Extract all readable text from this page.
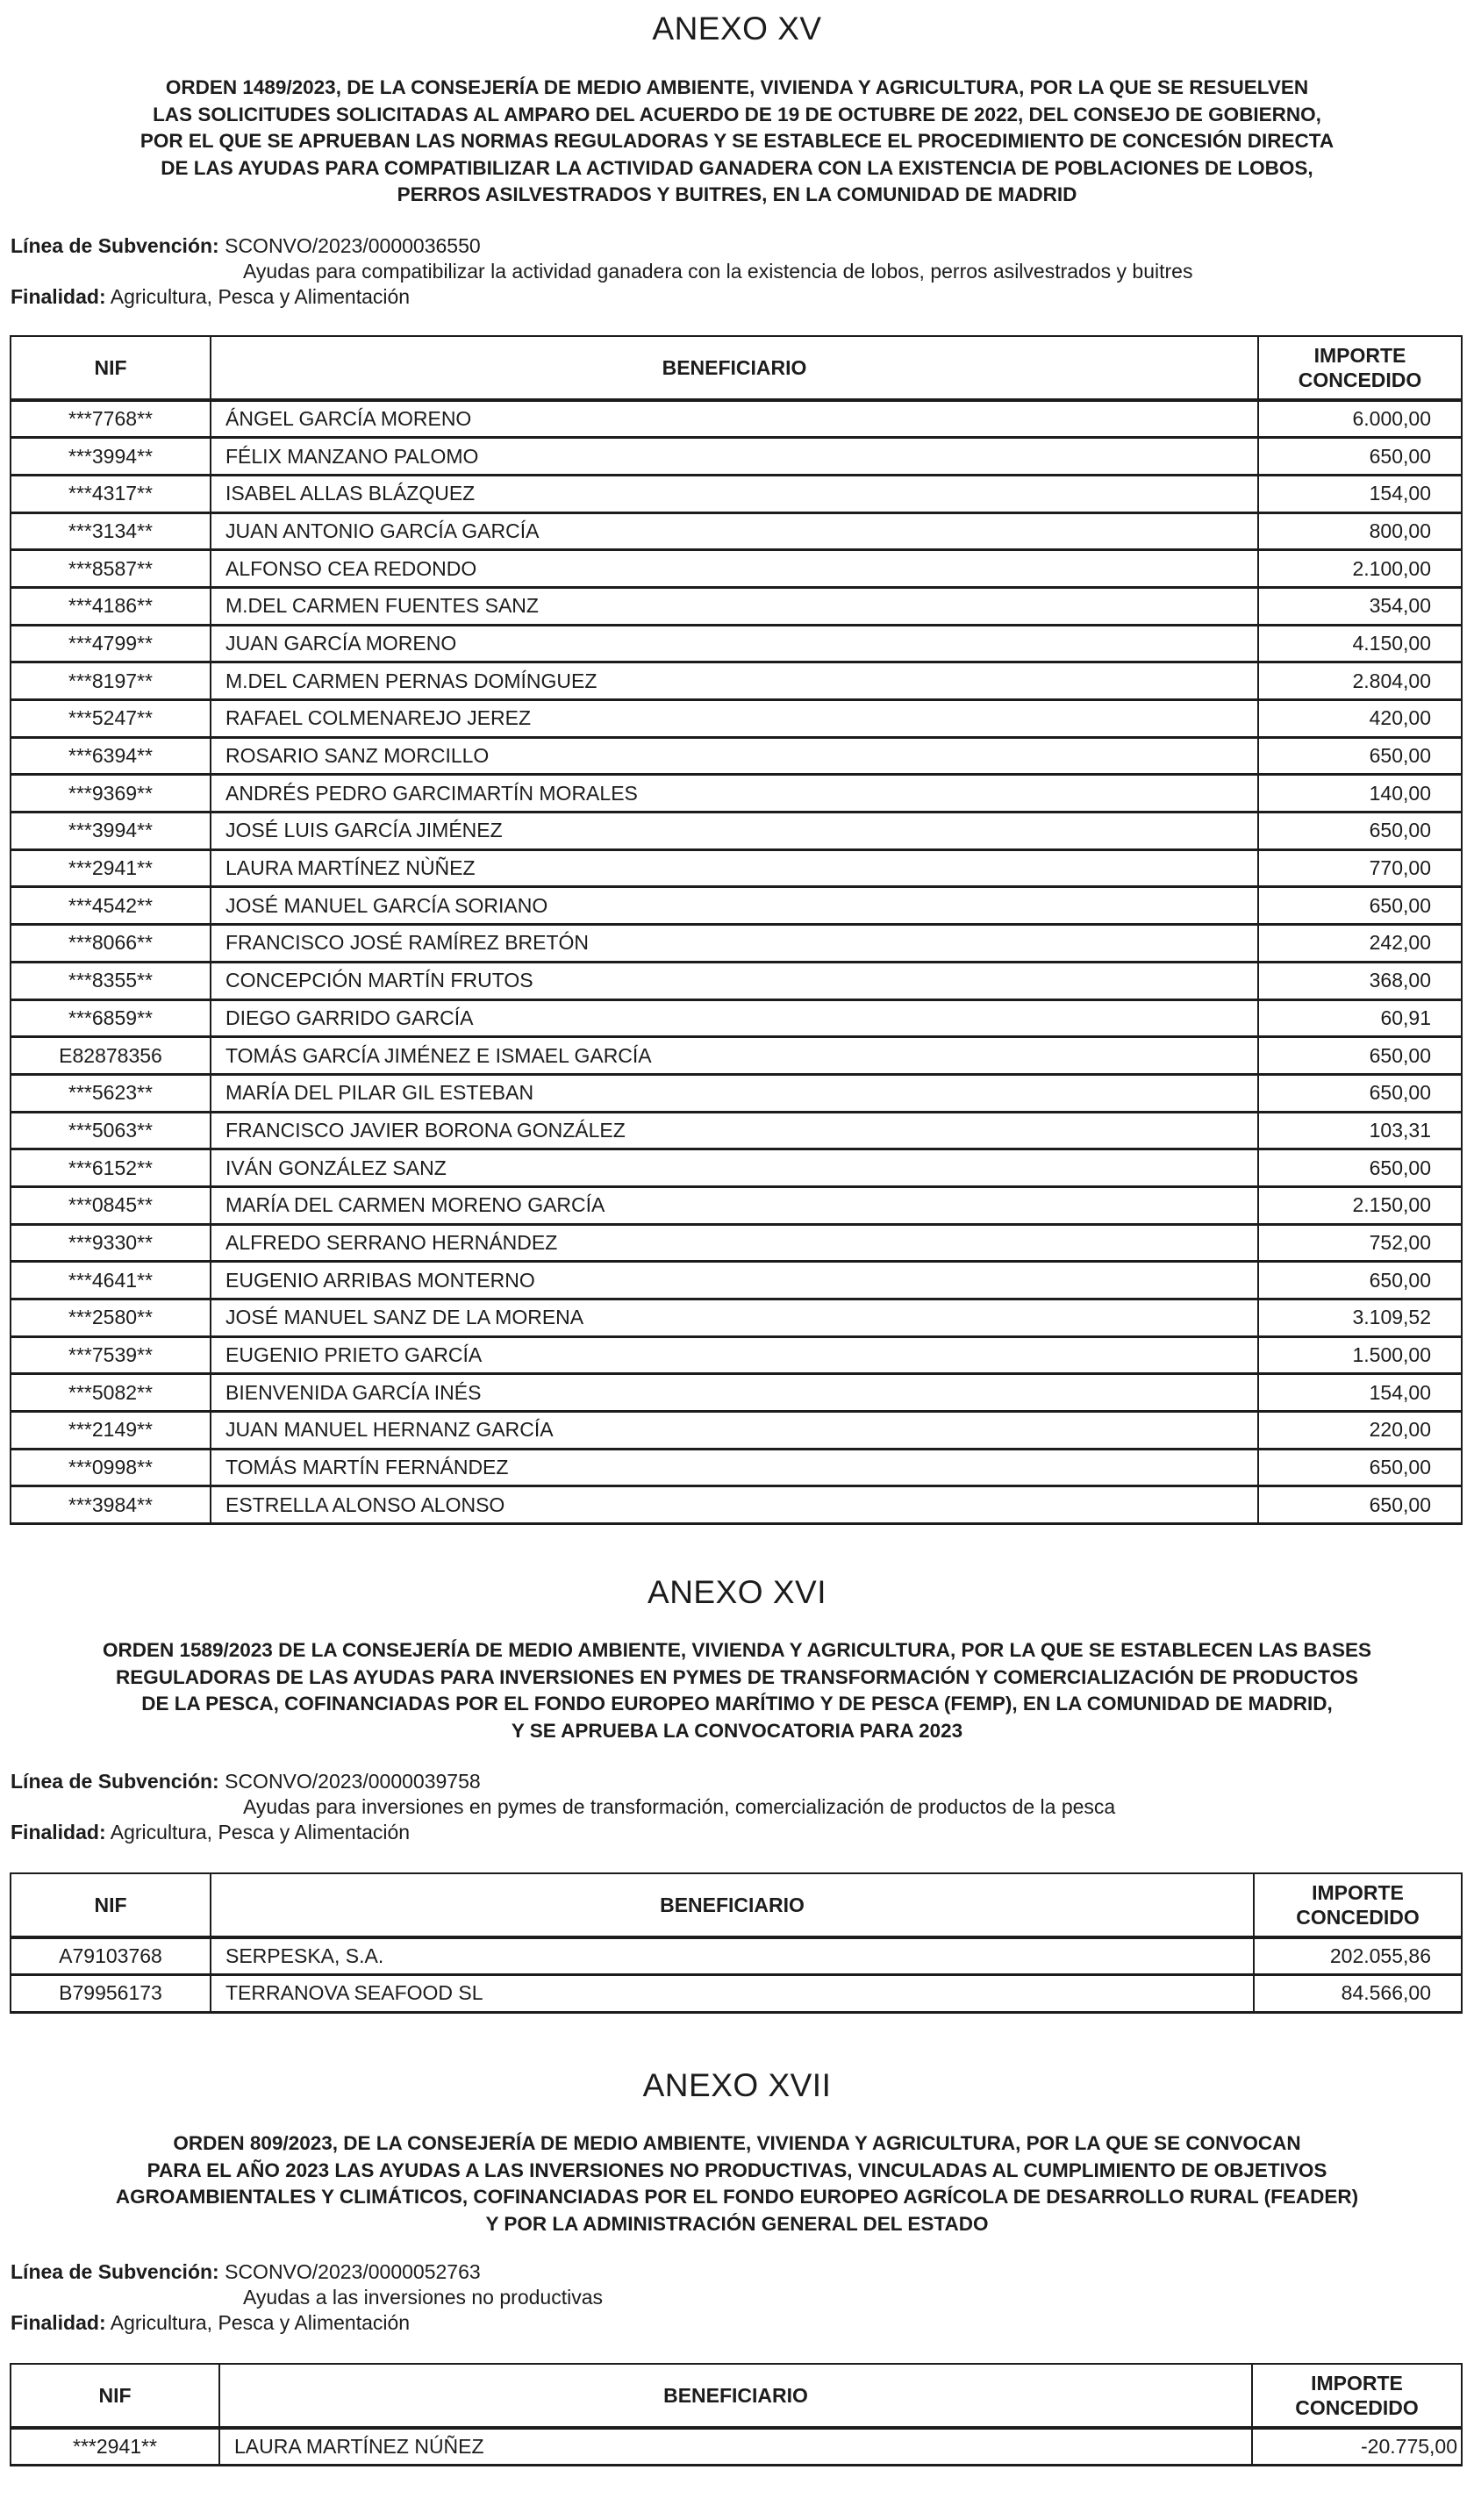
ANEXO XV
ORDEN 1489/2023, DE LA CONSEJERÍA DE MEDIO AMBIENTE, VIVIENDA Y AGRICULTURA, POR LA QUE SE RESUELVEN
LAS SOLICITUDES SOLICITADAS AL AMPARO DEL ACUERDO DE 19 DE OCTUBRE DE 2022, DEL CONSEJO DE GOBIERNO,
POR EL QUE SE APRUEBAN LAS NORMAS REGULADORAS Y SE ESTABLECE EL PROCEDIMIENTO DE CONCESIÓN DIRECTA
DE LAS AYUDAS PARA COMPATIBILIZAR LA ACTIVIDAD GANADERA CON LA EXISTENCIA DE POBLACIONES DE LOBOS,
PERROS ASILVESTRADOS Y BUITRES, EN LA COMUNIDAD DE MADRID
Línea de Subvención: SCONVO/2023/0000036550
Ayudas para compatibilizar la actividad ganadera con la existencia de lobos, perros asilvestrados y buitres
Finalidad: Agricultura, Pesca y Alimentación
NIF	BENEFICIARIO	IMPORTE
CONCEDIDO
***7768**	ÁNGEL GARCÍA MORENO	6.000,00
***3994**	FÉLIX MANZANO PALOMO	650,00
***4317**	ISABEL ALLAS BLÁZQUEZ	154,00
***3134**	JUAN ANTONIO GARCÍA GARCÍA	800,00
***8587**	ALFONSO CEA REDONDO	2.100,00
***4186**	M.DEL CARMEN FUENTES SANZ	354,00
***4799**	JUAN GARCÍA MORENO	4.150,00
***8197**	M.DEL CARMEN PERNAS DOMÍNGUEZ	2.804,00
***5247**	RAFAEL COLMENAREJO JEREZ	420,00
***6394**	ROSARIO SANZ MORCILLO	650,00
***9369**	ANDRÉS PEDRO GARCIMARTÍN MORALES	140,00
***3994**	JOSÉ LUIS GARCÍA JIMÉNEZ	650,00
***2941**	LAURA MARTÍNEZ NÙÑEZ	770,00
***4542**	JOSÉ MANUEL GARCÍA SORIANO	650,00
***8066**	FRANCISCO JOSÉ RAMÍREZ BRETÓN	242,00
***8355**	CONCEPCIÓN MARTÍN FRUTOS	368,00
***6859**	DIEGO GARRIDO GARCÍA	60,91
E82878356	TOMÁS GARCÍA JIMÉNEZ E ISMAEL GARCÍA	650,00
***5623**	MARÍA DEL PILAR GIL ESTEBAN	650,00
***5063**	FRANCISCO JAVIER BORONA GONZÁLEZ	103,31
***6152**	IVÁN GONZÁLEZ SANZ	650,00
***0845**	MARÍA DEL CARMEN MORENO GARCÍA	2.150,00
***9330**	ALFREDO SERRANO HERNÁNDEZ	752,00
***4641**	EUGENIO ARRIBAS MONTERNO	650,00
***2580**	JOSÉ MANUEL SANZ DE LA MORENA	3.109,52
***7539**	EUGENIO PRIETO GARCÍA	1.500,00
***5082**	BIENVENIDA GARCÍA INÉS	154,00
***2149**	JUAN MANUEL HERNANZ GARCÍA	220,00
***0998**	TOMÁS MARTÍN FERNÁNDEZ	650,00
***3984**	ESTRELLA ALONSO ALONSO	650,00
ANEXO XVI
ORDEN 1589/2023 DE LA CONSEJERÍA DE MEDIO AMBIENTE, VIVIENDA Y AGRICULTURA, POR LA QUE SE ESTABLECEN LAS BASES
REGULADORAS DE LAS AYUDAS PARA INVERSIONES EN PYMES DE TRANSFORMACIÓN Y COMERCIALIZACIÓN DE PRODUCTOS
DE LA PESCA, COFINANCIADAS POR EL FONDO EUROPEO MARÍTIMO Y DE PESCA (FEMP), EN LA COMUNIDAD DE MADRID,
Y SE APRUEBA LA CONVOCATORIA PARA 2023
Línea de Subvención: SCONVO/2023/0000039758
Ayudas para inversiones en pymes de transformación, comercialización de productos de la pesca
Finalidad: Agricultura, Pesca y Alimentación
NIF	BENEFICIARIO	IMPORTE
CONCEDIDO
A79103768	SERPESKA, S.A.	202.055,86
B79956173	TERRANOVA SEAFOOD SL	84.566,00
ANEXO XVII
ORDEN 809/2023, DE LA CONSEJERÍA DE MEDIO AMBIENTE, VIVIENDA Y AGRICULTURA, POR LA QUE SE CONVOCAN
PARA EL AÑO 2023 LAS AYUDAS A LAS INVERSIONES NO PRODUCTIVAS, VINCULADAS AL CUMPLIMIENTO DE OBJETIVOS
AGROAMBIENTALES Y CLIMÁTICOS, COFINANCIADAS POR EL FONDO EUROPEO AGRÍCOLA DE DESARROLLO RURAL (FEADER)
Y POR LA ADMINISTRACIÓN GENERAL DEL ESTADO
Línea de Subvención: SCONVO/2023/0000052763
Ayudas a las inversiones no productivas
Finalidad: Agricultura, Pesca y Alimentación
NIF	BENEFICIARIO	IMPORTE
CONCEDIDO
***2941**	LAURA MARTÍNEZ NÚÑEZ	-20.775,00
